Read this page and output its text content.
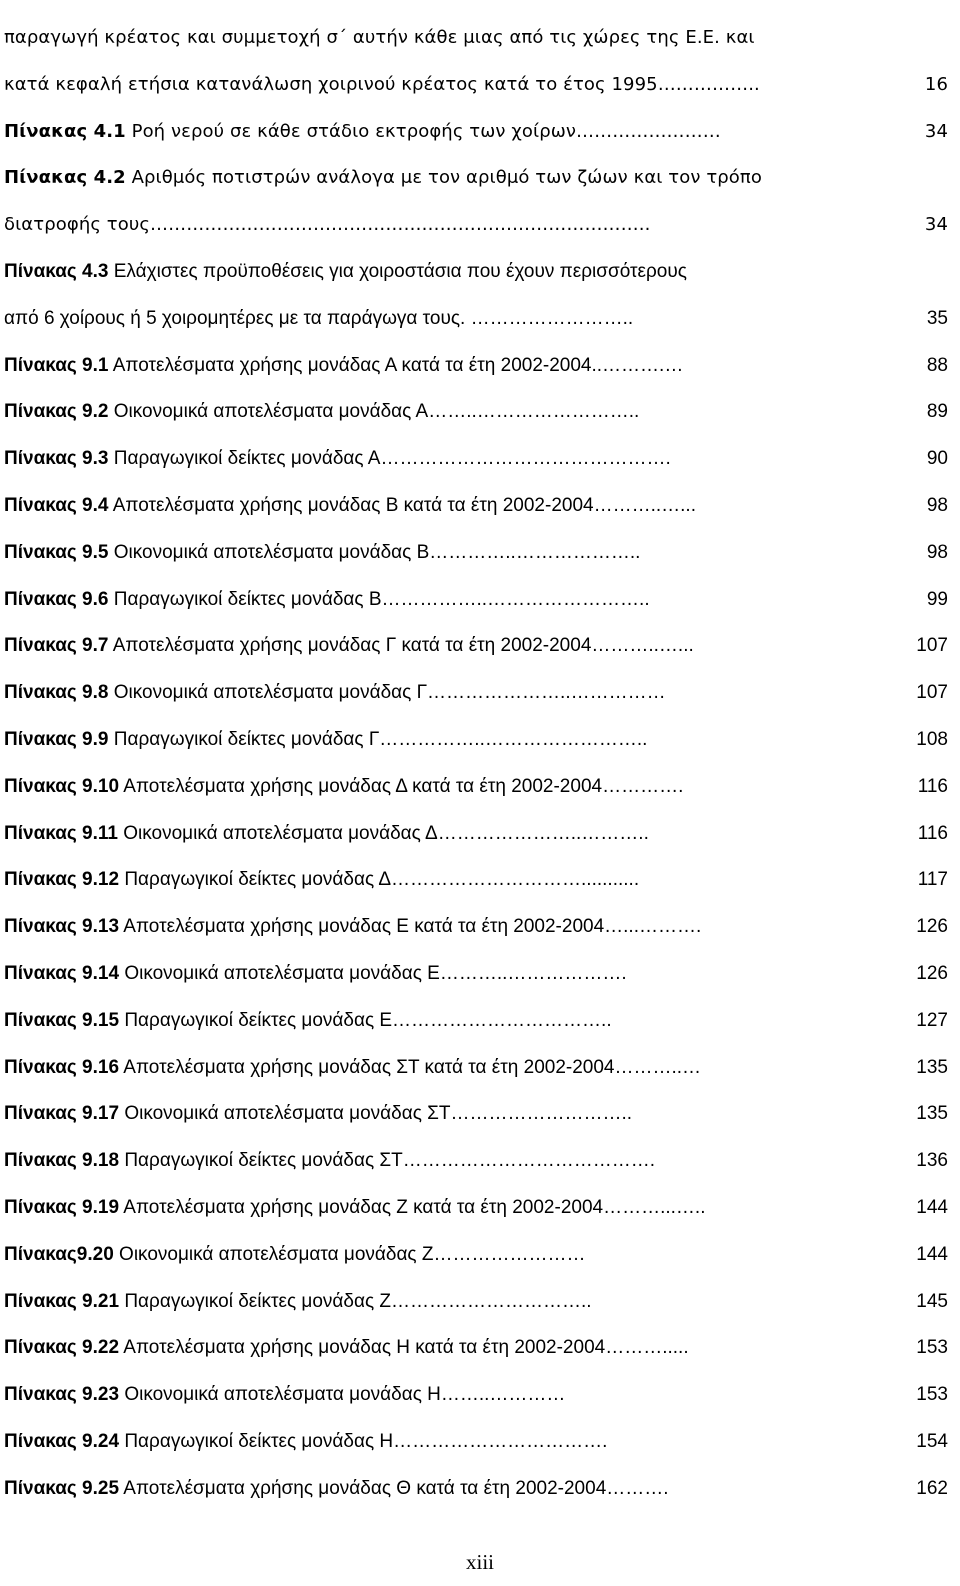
παραγωγή κρέατος και συμμετοχή σ΄ αυτήν κάθε μιας από τις χώρες της Ε.Ε. και
κατά κεφαλή ετήσια κατανάλωση χοιρινού κρέατος κατά το έτος 1995……………..	16
Πίνακας 4.1 Ροή νερού σε κάθε στάδιο εκτροφής των χοίρων……………………	34
Πίνακας 4.2 Αριθμός ποτιστρών ανάλογα με τον αριθμό των ζώων και τον τρόπο
διατροφής τους………………………………………………………………………..	34
Πίνακας 4.3 Ελάχιστες προϋποθέσεις για χοιροστάσια που έχουν περισσότερους
από 6 χοίρους ή 5 χοιρομητέρες με τα παράγωγα τους. ……………………..	35
Πίνακας 9.1 Αποτελέσματα χρήσης μονάδας Α κατά τα έτη 2002-2004..……….…	88
Πίνακας 9.2 Οικονομικά αποτελέσματα μονάδας Α……..……………………..	89
Πίνακας 9.3 Παραγωγικοί δείκτες μονάδας Α……………………………………….	90
Πίνακας 9.4 Αποτελέσματα χρήσης μονάδας Β κατά τα έτη 2002-2004………..…...	98
Πίνακας 9.5 Οικονομικά αποτελέσματα μονάδας Β…………..………………..	98
Πίνακας 9.6 Παραγωγικοί δείκτες μονάδας Β……………..……………………..	99
Πίνακας 9.7 Αποτελέσματα χρήσης μονάδας Γ κατά τα έτη 2002-2004………..…...	107
Πίνακας 9.8 Οικονομικά αποτελέσματα μονάδας Γ…………………..……………	107
Πίνακας 9.9 Παραγωγικοί δείκτες μονάδας Γ……………..……………………..	108
Πίνακας 9.10 Αποτελέσματα χρήσης μονάδας Δ κατά τα έτη 2002-2004………….	116
Πίνακας 9.11 Οικονομικά αποτελέσματα μονάδας Δ…………………..………..	116
Πίνακας 9.12 Παραγωγικοί δείκτες μονάδας Δ…………………………...........	117
Πίνακας 9.13 Αποτελέσματα χρήσης μονάδας Ε κατά τα έτη 2002-2004…...……….	126
Πίνακας 9.14 Οικονομικά αποτελέσματα μονάδας Ε………..……………….	126
Πίνακας 9.15 Παραγωγικοί δείκτες μονάδας Ε……………………………..	127
Πίνακας 9.16 Αποτελέσματα χρήσης μονάδας ΣΤ κατά τα έτη 2002-2004………..…	135
Πίνακας 9.17 Οικονομικά αποτελέσματα μονάδας ΣΤ………………………..	135
Πίνακας 9.18 Παραγωγικοί δείκτες μονάδας ΣΤ………………………………….	136
Πίνακας 9.19 Αποτελέσματα χρήσης μονάδας Ζ κατά τα έτη 2002-2004………...…..	144
Πίνακας9.20 Οικονομικά αποτελέσματα μονάδας Ζ……………………	144
Πίνακας 9.21 Παραγωγικοί δείκτες μονάδας Ζ…………………………..	145
Πίνακας 9.22 Αποτελέσματα χρήσης μονάδας Η κατά τα έτη 2002-2004……….....	153
Πίνακας 9.23 Οικονομικά αποτελέσματα μονάδας Η……..…………	153
Πίνακας 9.24 Παραγωγικοί δείκτες μονάδας Η…………………………….	154
Πίνακας 9.25 Αποτελέσματα χρήσης μονάδας Θ κατά τα έτη 2002-2004……….	162
xiii
